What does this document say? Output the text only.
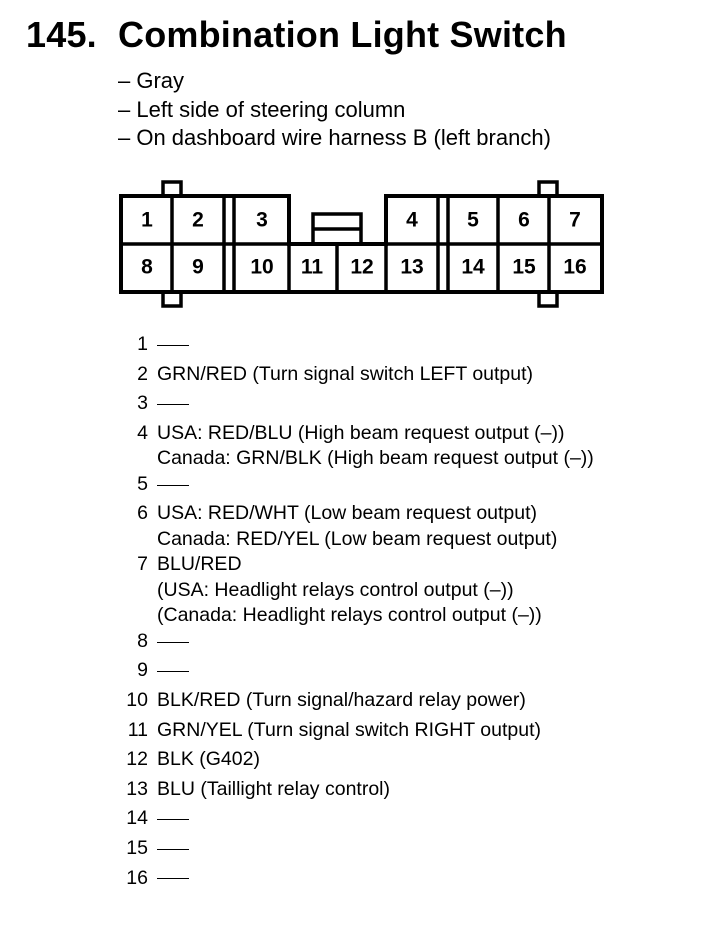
145. Combination Light Switch
– Gray
– Left side of steering column
– On dashboard wire harness B (left branch)
1 2 3	4 5 6 7
8 9 10 11 12 13 14 15 16
1
2 GRN/RED (Turn signal switch LEFT output)
3
4 USA: RED/BLU (High beam request output (–))
Canada: GRN/BLK (High beam request output (–))
5
6 USA: RED/WHT (Low beam request output)
Canada: RED/YEL (Low beam request output)
7 BLU/RED
(USA: Headlight relays control output (–))
(Canada: Headlight relays control output (–))
8
9
10 BLK/RED (Turn signal/hazard relay power)
11 GRN/YEL (Turn signal switch RIGHT output)
12 BLK (G402)
13 BLU (Taillight relay control)
14
15
16
